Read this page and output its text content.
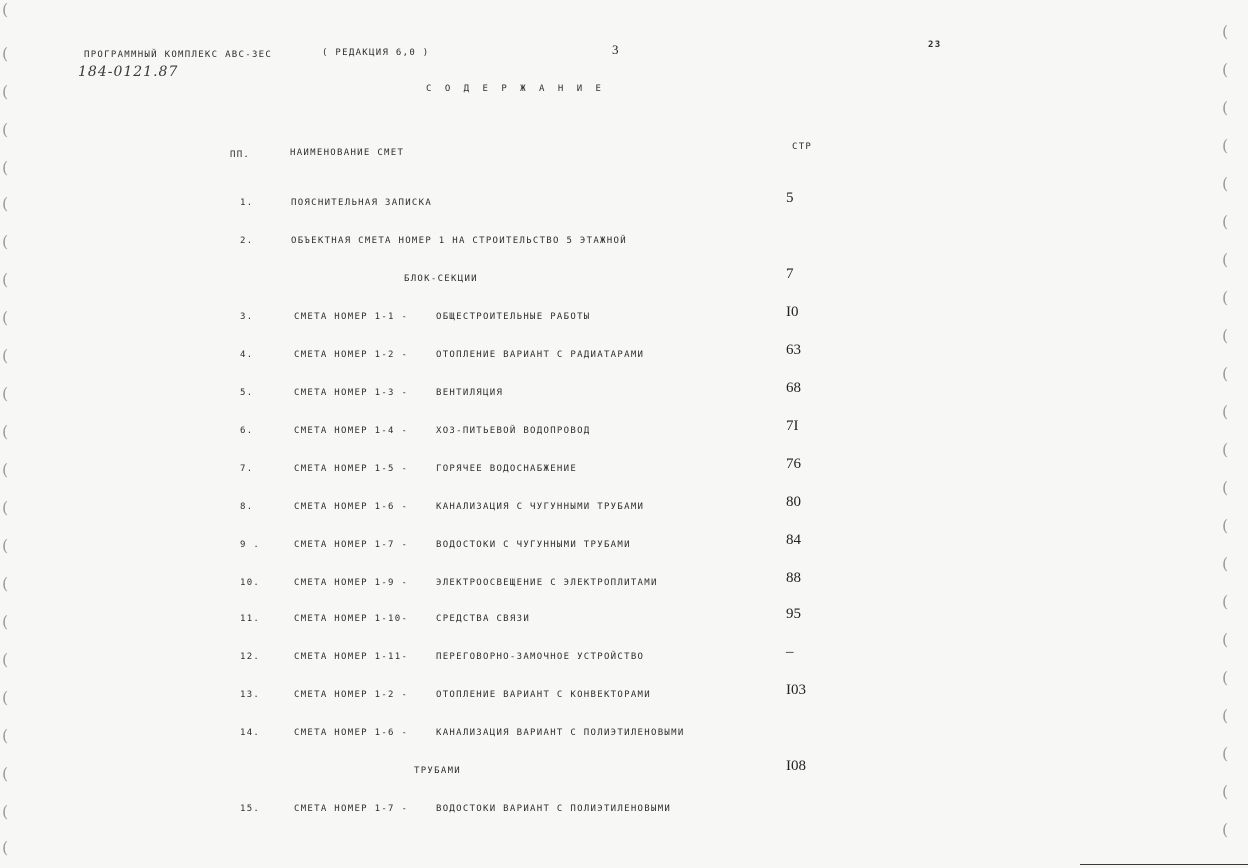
(
(
(
(
(
(
(
(
(
(
(
(
(
(
(
(
(
(
(
(
(
(
(
(
(
(
(
(
(
(
(
(
(
(
(
(
(
(
(
(
(
(
(
(
(
ПРОГРАММНЫЙ КОМПЛЕКС АВС-3ЕС	( РЕДАКЦИЯ 6,0 )	3	23
184-0121.87
С О Д Е Р Ж А Н И Е
ПП.	НАИМЕНОВАНИЕ СМЕТ
СТР
1.	ПОЯСНИТЕЛЬНАЯ ЗАПИСКА	5
2.	ОБЪЕКТНАЯ СМЕТА НОМЕР 1 НА СТРОИТЕЛЬСТВО 5 ЭТАЖНОЙ
БЛОК-СЕКЦИИ	7
3.	СМЕТА НОМЕР 1-1 -	ОБЩЕСТРОИТЕЛЬНЫЕ РАБОТЫ	I0
4.	СМЕТА НОМЕР 1-2 -	ОТОПЛЕНИЕ ВАРИАНТ С РАДИАТАРАМИ	63
5.	СМЕТА НОМЕР 1-3 -	ВЕНТИЛЯЦИЯ	68
6.	СМЕТА НОМЕР 1-4 -	ХОЗ-ПИТЬЕВОЙ ВОДОПРОВОД	7I
7.	СМЕТА НОМЕР 1-5 -	ГОРЯЧЕЕ ВОДОСНАБЖЕНИЕ	76
8.	СМЕТА НОМЕР 1-6 -	КАНАЛИЗАЦИЯ С ЧУГУННЫМИ ТРУБАМИ	80
9 .	СМЕТА НОМЕР 1-7 -	ВОДОСТОКИ С ЧУГУННЫМИ ТРУБАМИ	84
10.	СМЕТА НОМЕР 1-9 -	ЭЛЕКТРООСВЕЩЕНИЕ С ЭЛЕКТРОПЛИТАМИ	88
11.	СМЕТА НОМЕР 1-10-	СРЕДСТВА СВЯЗИ	95
12.	СМЕТА НОМЕР 1-11-	ПЕРЕГОВОРНО-ЗАМОЧНОЕ УСТРОЙСТВО	–
13.	СМЕТА НОМЕР 1-2 -	ОТОПЛЕНИЕ ВАРИАНТ С КОНВЕКТОРАМИ	I03
14.	СМЕТА НОМЕР 1-6 -	КАНАЛИЗАЦИЯ ВАРИАНТ С ПОЛИЭТИЛЕНОВЫМИ
ТРУБАМИ	I08
15.	СМЕТА НОМЕР 1-7 -	ВОДОСТОКИ ВАРИАНТ С ПОЛИЭТИЛЕНОВЫМИ
